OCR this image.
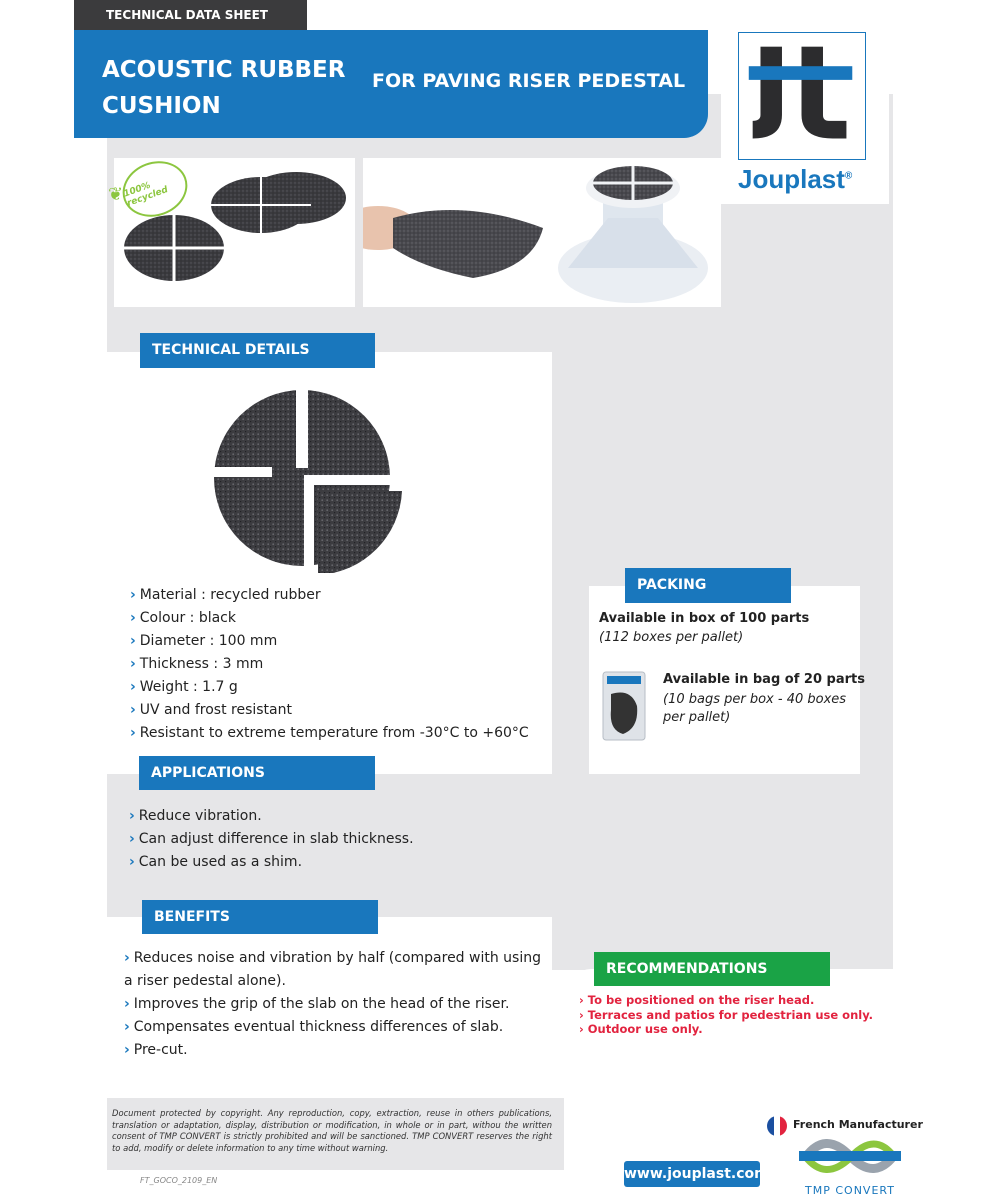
TECHNICAL DATA SHEET
ACOUSTIC RUBBER CUSHION
FOR PAVING RISER PEDESTAL
Jouplast®
100% recycled
❦
TECHNICAL DETAILS
› Material : recycled rubber
› Colour : black
› Diameter : 100 mm
› Thickness : 3 mm
› Weight : 1.7 g
› UV and frost resistant
› Resistant to extreme temperature from -30°C to +60°C
PACKING
Available in box of 100 parts
(112 boxes per pallet)
Available in bag of 20 parts
(10 bags per box - 40 boxes per pallet)
APPLICATIONS
› Reduce vibration.
› Can adjust difference in slab thickness.
› Can be used as a shim.
BENEFITS
› Reduces noise and vibration by half (compared with using a riser pedestal alone).
› Improves the grip of the slab on the head of the riser.
› Compensates eventual thickness differences of slab.
› Pre-cut.
RECOMMENDATIONS
› To be positioned on the riser head.
› Terraces and patios for pedestrian use only.
› Outdoor use only.
Document protected by copyright. Any reproduction, copy, extraction, reuse in others publications, translation or adaptation, display, distribution or modification, in whole or in part, withou the written consent of TMP CONVERT is strictly prohibited and will be sanctioned. TMP CONVERT reserves the right to add, modify or delete information to any time without warning.
FT_GOCO_2109_EN
French Manufacturer
www.jouplast.com
TMP CONVERT
